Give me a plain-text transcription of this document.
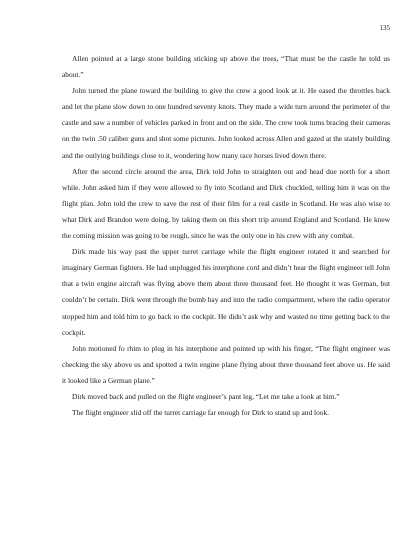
135

Allen pointed at a large stone building sticking up above the trees, “That must be the castle he told us about.”

John turned the plane toward the building to give the crew a good look at it. He eased the throttles back and let the plane slow down to one hundred seventy knots. They made a wide turn around the perimeter of the castle and saw a number of vehicles parked in front and on the side. The crew took turns bracing their cameras on the twin .50 caliber guns and shot some pictures. John looked across Allen and gazed at the stately building and the outlying buildings close to it, wondering how many race horses lived down there.

After the second circle around the area, Dirk told John to straighten out and head due north for a short while. John asked him if they were allowed to fly into Scotland and Dirk chuckled, telling him it was on the flight plan. John told the crew to save the rest of their film for a real castle in Scotland. He was also wise to what Dirk and Brandon were doing, by taking them on this short trip around England and Scotland. He knew the coming mission was going to be rough, since he was the only one in his crew with any combat.

Dirk made his way past the upper turret carriage while the flight engineer rotated it and searched for imaginary German fighters. He had unplugged his interphone cord and didn’t hear the flight engineer tell John that a twin engine aircraft was flying above them about three thousand feet. He thought it was German, but couldn’t be certain. Dirk went through the bomb bay and into the radio compartment, where the radio operator stopped him and told him to go back to the cockpit. He didn’t ask why and wasted no time getting back to the cockpit.

John motioned fo rhim to plug in his interphone and pointed up with his finger, “The flight engineer was checking the sky above us and spotted a twin engine plane flying about three thousand feet above us. He said it looked like a German plane.”

Dirk moved back and pulled on the flight engineer’s pant leg, “Let me take a look at him.”

The flight engineer slid off the turret carriage far enough for Dirk to stand up and look.
